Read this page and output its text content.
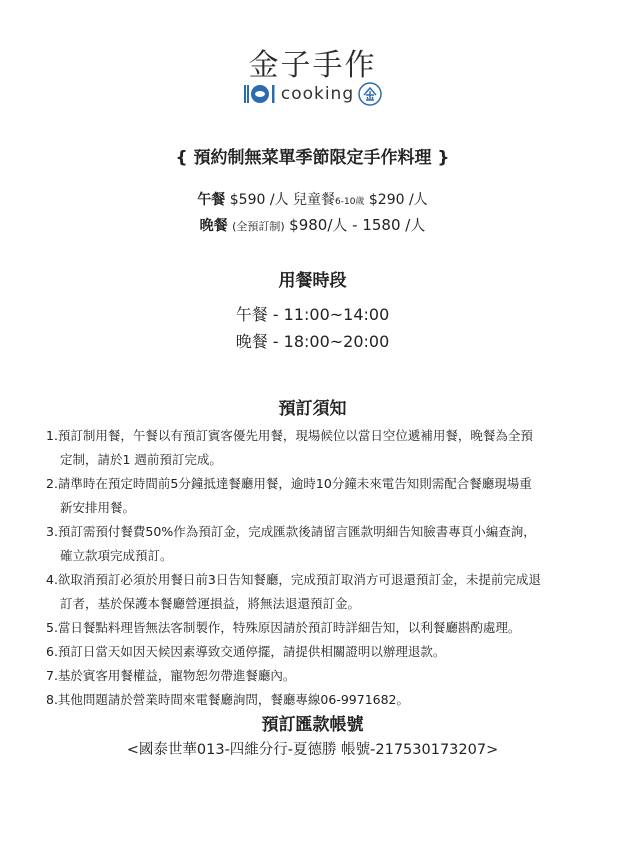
金子手作
cooking
{ 預約制無菜單季節限定手作料理 }
午餐 $590 /人 兒童餐6-10歲 $290 /人
晚餐 (全預訂制) $980/人 - 1580 /人
用餐時段
午餐 - 11:00~14:00
晚餐 - 18:00~20:00
預訂須知

1.預訂制用餐，午餐以有預訂賓客優先用餐，現場候位以當日空位遞補用餐，晚餐為全預
定制，請於1 週前預訂完成。

2.請準時在預定時間前5分鐘抵達餐廳用餐，逾時10分鐘未來電告知則需配合餐廳現場重
新安排用餐。

3.預訂需預付餐費50%作為預訂金，完成匯款後請留言匯款明細告知臉書專頁小編查詢，
確立款項完成預訂。

4.欲取消預訂必須於用餐日前3日告知餐廳，完成預訂取消方可退還預訂金，未提前完成退
訂者，基於保護本餐廳營運損益，將無法退還預訂金。

5.當日餐點料理皆無法客制製作，特殊原因請於預訂時詳細告知，以利餐廳斟酌處理。

6.預訂日當天如因天候因素導致交通停擺，請提供相關證明以辦理退款。

7.基於賓客用餐權益，寵物恕勿帶進餐廳內。

8.其他問題請於營業時間來電餐廳詢問，餐廳專線06-9971682。

預訂匯款帳號
<國泰世華013-四維分行-夏德勝 帳號-217530173207>
